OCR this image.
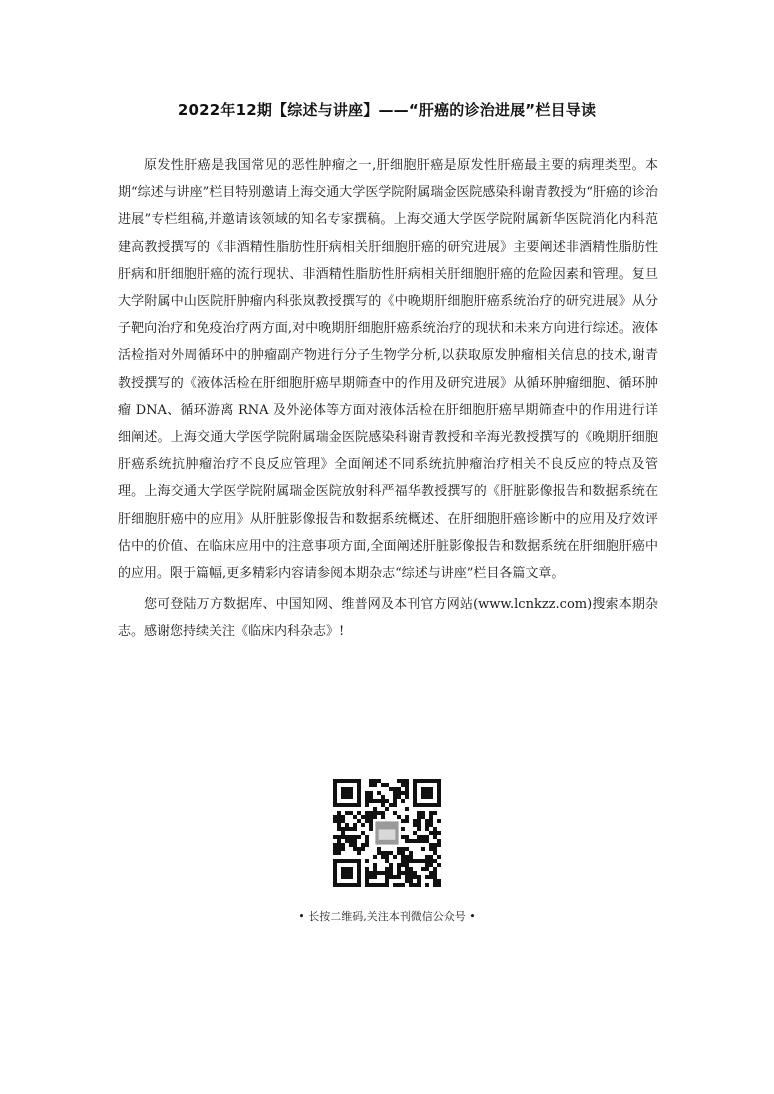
2022年12期【综述与讲座】——“肝癌的诊治进展”栏目导读

原发性肝癌是我国常见的恶性肿瘤之一,肝细胞肝癌是原发性肝癌最主要的病理类型。本期“综述与讲座”栏目特别邀请上海交通大学医学院附属瑞金医院感染科谢青教授为“肝癌的诊治进展”专栏组稿,并邀请该领域的知名专家撰稿。上海交通大学医学院附属新华医院消化内科范建高教授撰写的《非酒精性脂肪性肝病相关肝细胞肝癌的研究进展》主要阐述非酒精性脂肪性肝病和肝细胞肝癌的流行现状、非酒精性脂肪性肝病相关肝细胞肝癌的危险因素和管理。复旦大学附属中山医院肝肿瘤内科张岚教授撰写的《中晚期肝细胞肝癌系统治疗的研究进展》从分子靶向治疗和免疫治疗两方面,对中晚期肝细胞肝癌系统治疗的现状和未来方向进行综述。液体活检指对外周循环中的肿瘤副产物进行分子生物学分析,以获取原发肿瘤相关信息的技术,谢青教授撰写的《液体活检在肝细胞肝癌早期筛查中的作用及研究进展》从循环肿瘤细胞、循环肿瘤 DNA、循环游离 RNA 及外泌体等方面对液体活检在肝细胞肝癌早期筛查中的作用进行详细阐述。上海交通大学医学院附属瑞金医院感染科谢青教授和辛海光教授撰写的《晚期肝细胞肝癌系统抗肿瘤治疗不良反应管理》全面阐述不同系统抗肿瘤治疗相关不良反应的特点及管理。上海交通大学医学院附属瑞金医院放射科严福华教授撰写的《肝脏影像报告和数据系统在肝细胞肝癌中的应用》从肝脏影像报告和数据系统概述、在肝细胞肝癌诊断中的应用及疗效评估中的价值、在临床应用中的注意事项方面,全面阐述肝脏影像报告和数据系统在肝细胞肝癌中的应用。限于篇幅,更多精彩内容请参阅本期杂志“综述与讲座”栏目各篇文章。

您可登陆万方数据库、中国知网、维普网及本刊官方网站(www.lcnkzz.com)搜索本期杂志。感谢您持续关注《临床内科杂志》!

• 长按二维码,关注本刊微信公众号 •
